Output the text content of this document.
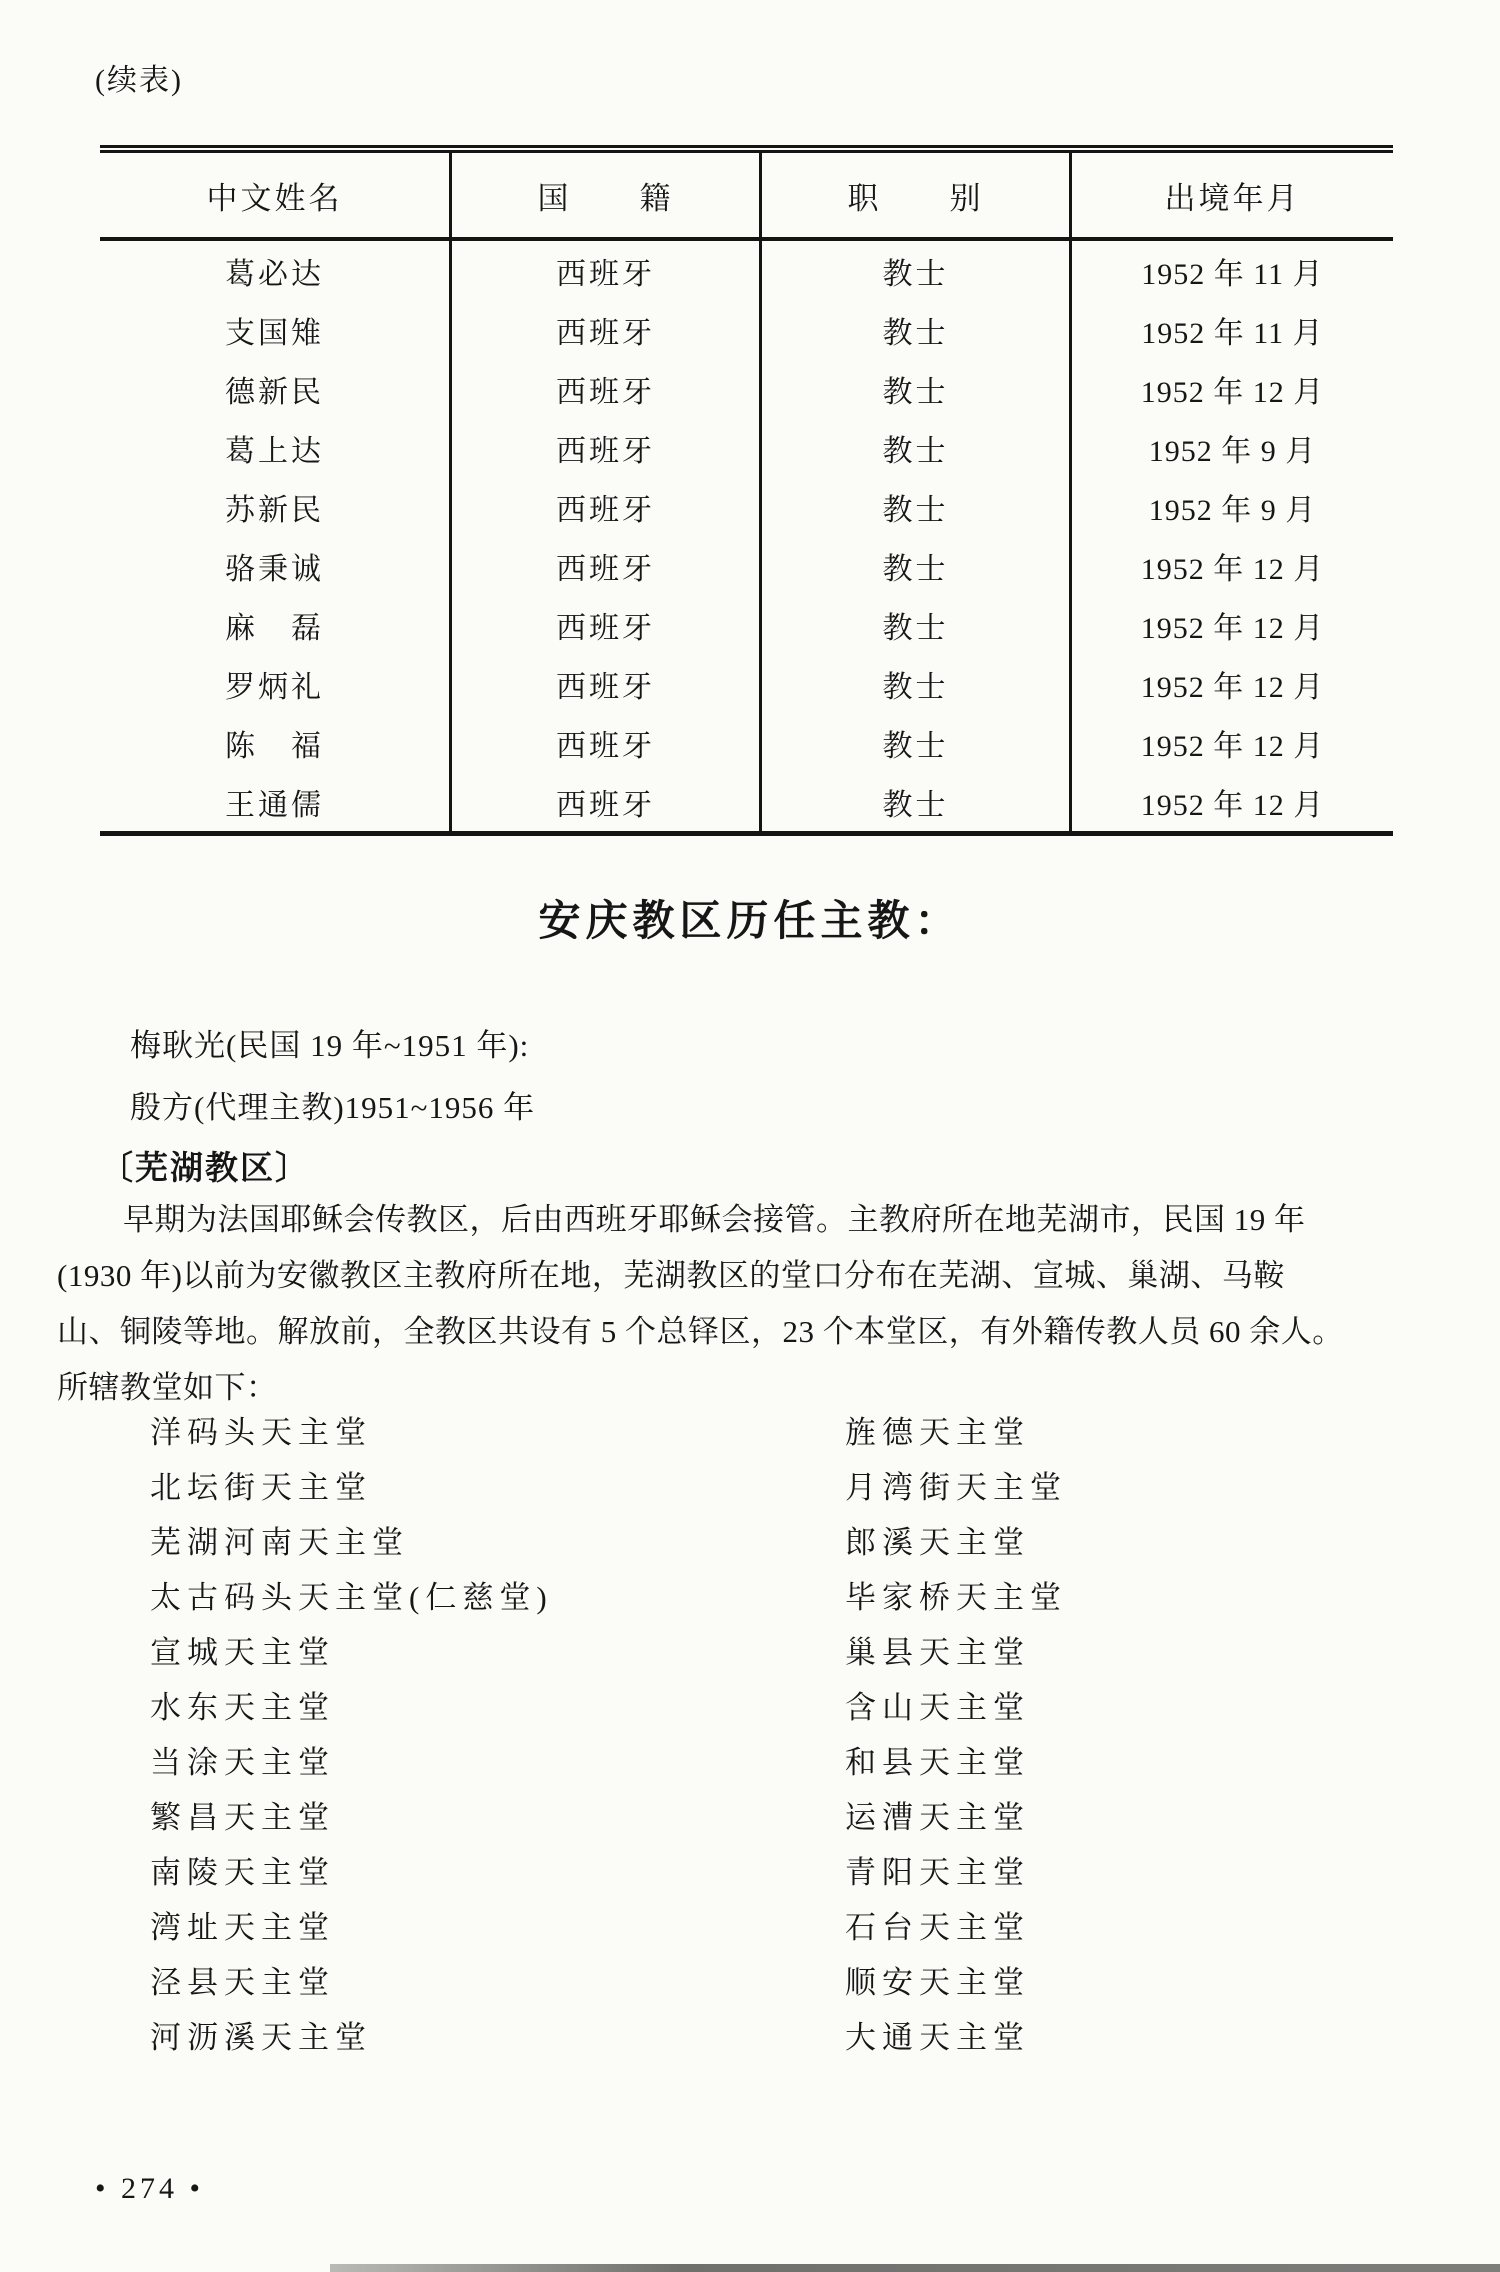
(续表)
中文姓名	国　　籍	职　　别	出境年月
葛必达	西班牙	教士	1952 年 11 月
支国雉	西班牙	教士	1952 年 11 月
德新民	西班牙	教士	1952 年 12 月
葛上达	西班牙	教士	1952 年 9 月
苏新民	西班牙	教士	1952 年 9 月
骆秉诚	西班牙	教士	1952 年 12 月
麻　磊	西班牙	教士	1952 年 12 月
罗炳礼	西班牙	教士	1952 年 12 月
陈　福	西班牙	教士	1952 年 12 月
王通儒	西班牙	教士	1952 年 12 月
安庆教区历任主教：
梅耿光(民国 19 年~1951 年):
殷方(代理主教)1951~1956 年
〔芜湖教区〕
早期为法国耶稣会传教区，后由西班牙耶稣会接管。主教府所在地芜湖市，民国 19 年
(1930 年)以前为安徽教区主教府所在地，芜湖教区的堂口分布在芜湖、宣城、巢湖、马鞍
山、铜陵等地。解放前，全教区共设有 5 个总铎区，23 个本堂区，有外籍传教人员 60 余人。
所辖教堂如下：
洋码头天主堂
北坛街天主堂
芜湖河南天主堂
太古码头天主堂(仁慈堂)
宣城天主堂
水东天主堂
当涂天主堂
繁昌天主堂
南陵天主堂
湾址天主堂
泾县天主堂
河沥溪天主堂
旌德天主堂
月湾街天主堂
郎溪天主堂
毕家桥天主堂
巢县天主堂
含山天主堂
和县天主堂
运漕天主堂
青阳天主堂
石台天主堂
顺安天主堂
大通天主堂
• 274 •
